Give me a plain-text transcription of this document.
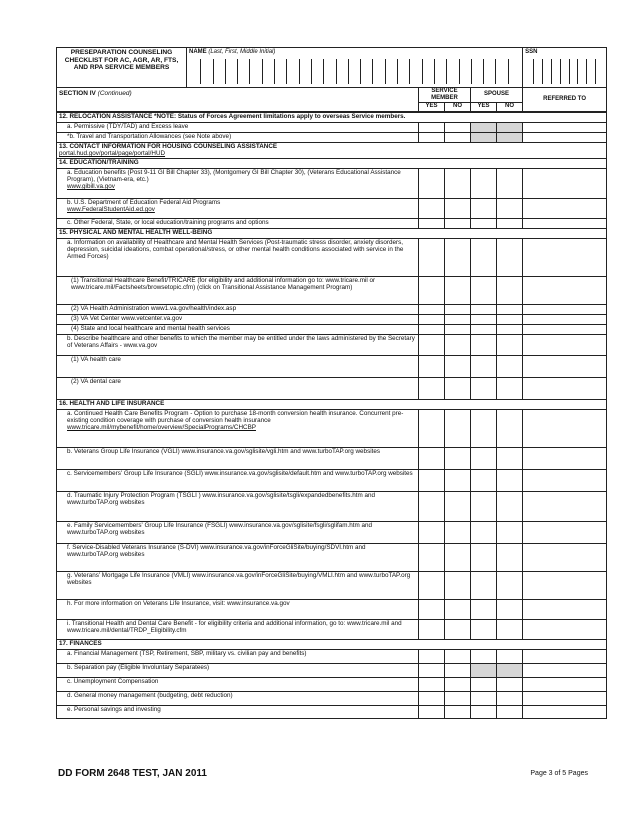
PRESEPARATION COUNSELING CHECKLIST FOR AC, AGR, AR, FTS, AND RPA SERVICE MEMBERS	NAME (Last, First, Middle Initial)					SSN

SECTION IV (Continued)		SERVICE MEMBER		SPOUSE		REFERRED TO
		YES	NO	YES	NO	
12. RELOCATION ASSISTANCE *NOTE: Status of Forces Agreement limitations apply to overseas Service members.					
a. Permissive (TDY/TAD) and Excess leave					
*b. Travel and Transportation Allowances (see Note above)					
13. CONTACT INFORMATION FOR HOUSING COUNSELING ASSISTANCE
portal.hud.gov/portal/page/portal/HUD					

14. EDUCATION/TRAINING					
a. Education benefits (Post 9-11 GI Bill Chapter 33), (Montgomery GI Bill Chapter 30), (Veterans Educational Assistance Program), (Vietnam-era, etc.)
www.gibill.va.gov					

b. U.S. Department of Education Federal Aid Programs
www.FederalStudentAid.ed.gov					

c. Other Federal, State, or local education/training programs and options					
15. PHYSICAL AND MENTAL HEALTH WELL-BEING					
a. Information on availability of Healthcare and Mental Health Services (Post-traumatic stress disorder, anxiety disorders, depression, suicidal ideations, combat operational/stress, or other mental health conditions associated with service in the Armed Forces)					
(1) Transitional Healthcare Benefit/TRICARE (for eligibility and additional information go to: www.tricare.mil or www.tricare.mil/Factsheets/browsetopic.cfm) (click on Transitional Assistance Management Program)					
(2) VA Health Administration www1.va.gov/health/index.asp					
(3) VA Vet Center www.vetcenter.va.gov					
(4) State and local healthcare and mental health services					
b. Describe healthcare and other benefits to which the member may be entitled under the laws administered by the Secretary of Veterans Affairs - www.va.gov					
(1) VA health care					
(2) VA dental care					
16. HEALTH AND LIFE INSURANCE					
a. Continued Health Care Benefits Program - Option to purchase 18-month conversion health insurance. Concurrent pre-existing condition coverage with purchase of conversion health insurance
www.tricare.mil/mybenefit/home/overview/SpecialPrograms/CHCBP					

b. Veterans Group Life Insurance (VGLI) www.insurance.va.gov/sglisite/vgli.htm and www.turboTAP.org websites					
c. Servicemembers' Group Life Insurance (SGLI) www.insurance.va.gov/sglisite/default.htm and www.turboTAP.org websites					
d. Traumatic Injury Protection Program (TSGLI ) www.insurance.va.gov/sglisite/tsgli/expandedbenefits.htm and www.turboTAP.org websites					
e. Family Servicemembers' Group Life Insurance (FSGLI) www.insurance.va.gov/sglisite/fsgli/sglifam.htm and www.turboTAP.org websites					
f. Service-Disabled Veterans Insurance (S-DVI) www.insurance.va.gov/inForceGliSite/buying/SDVI.htm and www.turboTAP.org websites					
g. Veterans' Mortgage Life Insurance (VMLI) www.insurance.va.gov/inForceGliSite/buying/VMLI.htm and www.turboTAP.org websites					
h. For more information on Veterans Life Insurance, visit: www.insurance.va.gov					
i. Transitional Health and Dental Care Benefit - for eligibility criteria and additional information, go to: www.tricare.mil and www.tricare.mil/dental/TRDP_Eligibility.cfm					
17. FINANCES					
a. Financial Management (TSP, Retirement, SBP, military vs. civilian pay and benefits)					
b. Separation pay (Eligible Involuntary Separatees)					
c. Unemployment Compensation					
d. General money management (budgeting, debt reduction)					
e. Personal savings and investing					
DD FORM 2648 TEST, JAN 2011	Page 3 of 5 Pages
